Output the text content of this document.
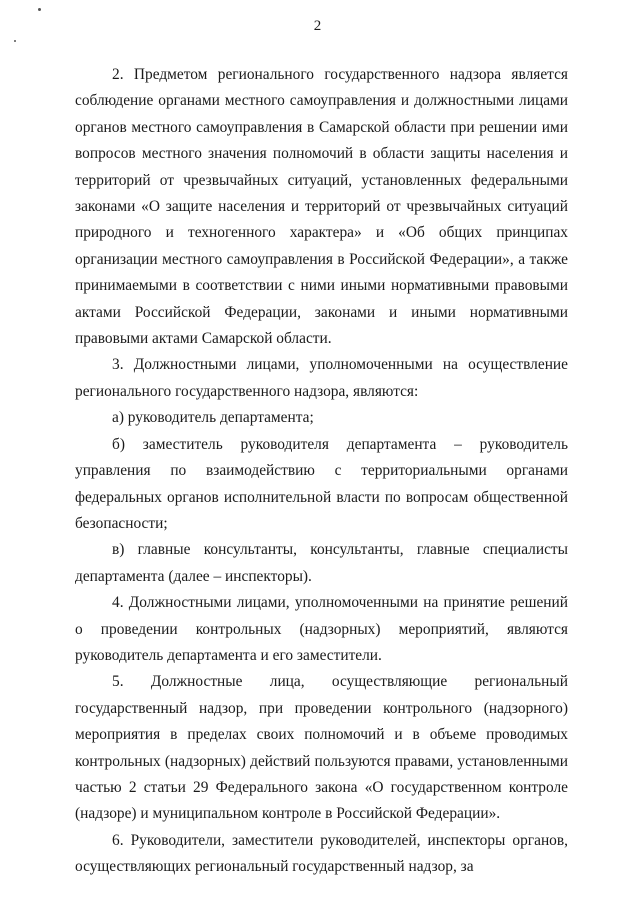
2

2. Предметом регионального государственного надзора является соблюдение органами местного самоуправления и должностными лицами органов местного самоуправления в Самарской области при решении ими вопросов местного значения полномочий в области защиты населения и территорий от чрезвычайных ситуаций, установленных федеральными законами «О защите населения и территорий от чрезвычайных ситуаций природного и техногенного характера» и «Об общих принципах организации местного самоуправления в Российской Федерации», а также принимаемыми в соответствии с ними иными нормативными правовыми актами Российской Федерации, законами и иными нормативными правовыми актами Самарской области.

3. Должностными лицами, уполномоченными на осуществление регионального государственного надзора, являются:

а) руководитель департамента;

б) заместитель руководителя департамента – руководитель управления по взаимодействию с территориальными органами федеральных органов исполнительной власти по вопросам общественной безопасности;

в) главные консультанты, консультанты, главные специалисты департамента (далее – инспекторы).

4. Должностными лицами, уполномоченными на принятие решений о проведении контрольных (надзорных) мероприятий, являются руководитель департамента и его заместители.

5. Должностные лица, осуществляющие региональный государственный надзор, при проведении контрольного (надзорного) мероприятия в пределах своих полномочий и в объеме проводимых контрольных (надзорных) действий пользуются правами, установленными частью 2 статьи 29 Федерального закона «О государственном контроле (надзоре) и муниципальном контроле в Российской Федерации».

6. Руководители, заместители руководителей, инспекторы органов, осуществляющих региональный государственный надзор, за
